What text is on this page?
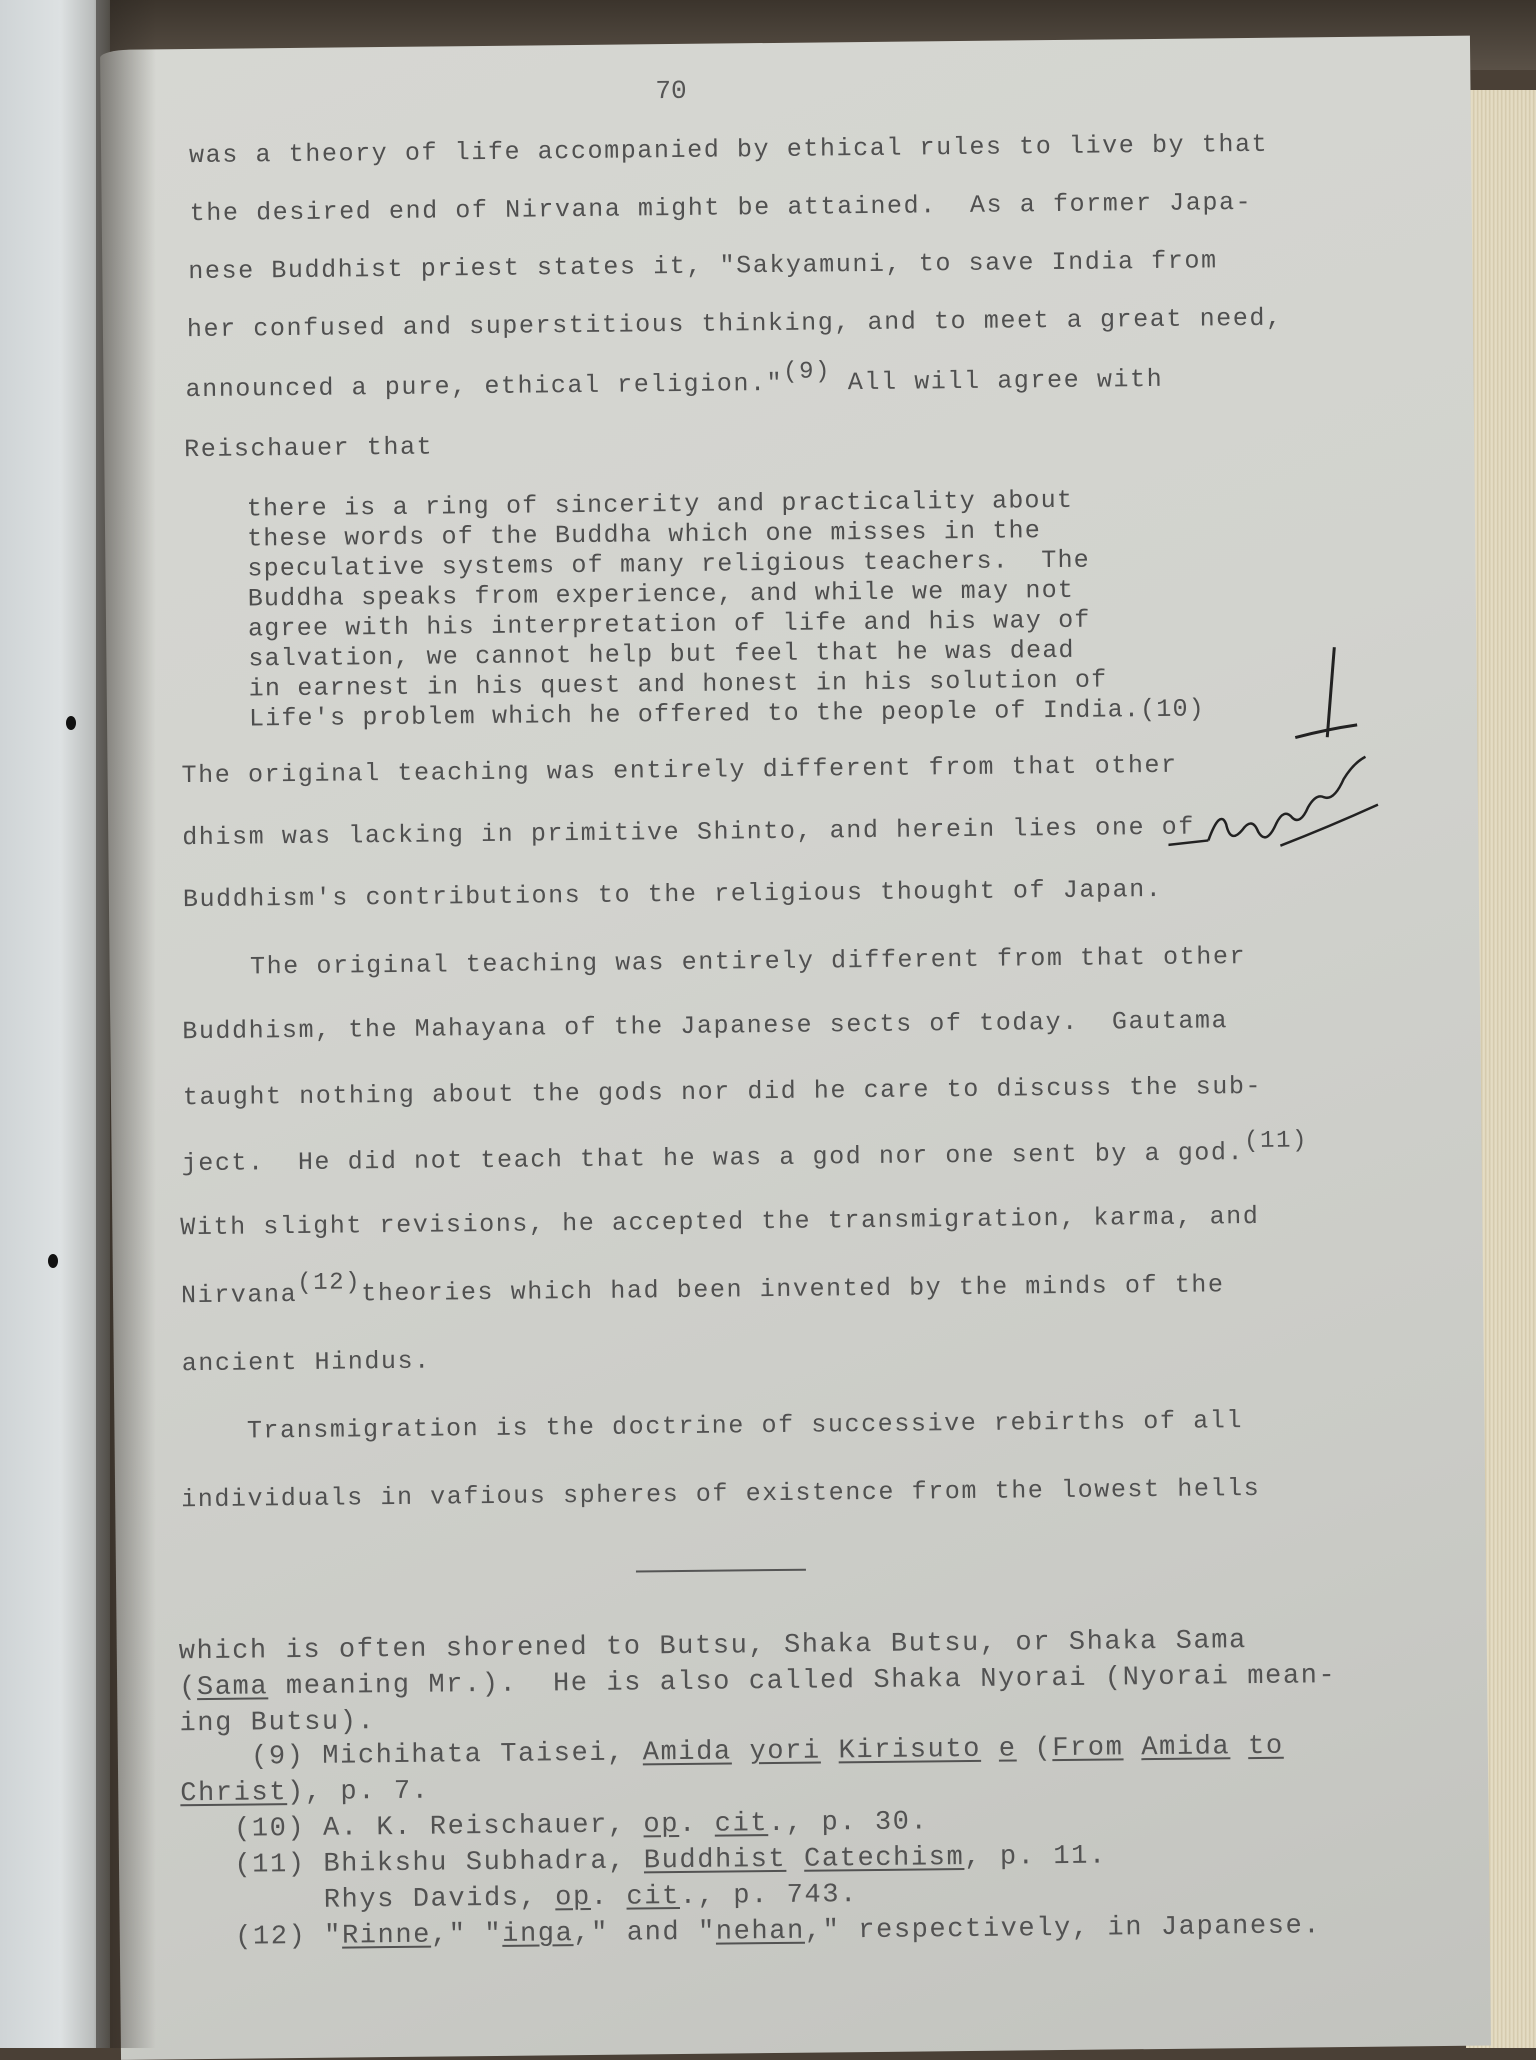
70
was a theory of life accompanied by ethical rules to live by that
the desired end of Nirvana might be attained.  As a former Japa-
nese Buddhist priest states it, "Sakyamuni, to save India from
her confused and superstitious thinking, and to meet a great need,
announced a pure, ethical religion."(9) All will agree with
Reischauer that
there is a ring of sincerity and practicality about
these words of the Buddha which one misses in the
speculative systems of many religious teachers.  The
Buddha speaks from experience, and while we may not
agree with his interpretation of life and his way of
salvation, we cannot help but feel that he was dead
in earnest in his quest and honest in his solution of
Life's problem which he offered to the people of India.(10)
The original teaching was entirely different from that other
dhism was lacking in primitive Shinto, and herein lies one of
Buddhism's contributions to the religious thought of Japan.
The original teaching was entirely different from that other
Buddhism, the Mahayana of the Japanese sects of today.  Gautama
taught nothing about the gods nor did he care to discuss the sub-
ject.  He did not teach that he was a god nor one sent by a god.(11)
With slight revisions, he accepted the transmigration, karma, and
Nirvana(12)theories which had been invented by the minds of the
ancient Hindus.
Transmigration is the doctrine of successive rebirths of all
individuals in vafious spheres of existence from the lowest hells
which is often shorened to Butsu, Shaka Butsu, or Shaka Sama
(Sama meaning Mr.).  He is also called Shaka Nyorai (Nyorai mean-
ing Butsu).
(9) Michihata Taisei, Amida yori Kirisuto e (From Amida to
Christ), p. 7.
(10) A. K. Reischauer, op. cit., p. 30.
(11) Bhikshu Subhadra, Buddhist Catechism, p. 11.
Rhys Davids, op. cit., p. 743.
(12) "Rinne," "inga," and "nehan," respectively, in Japanese.
